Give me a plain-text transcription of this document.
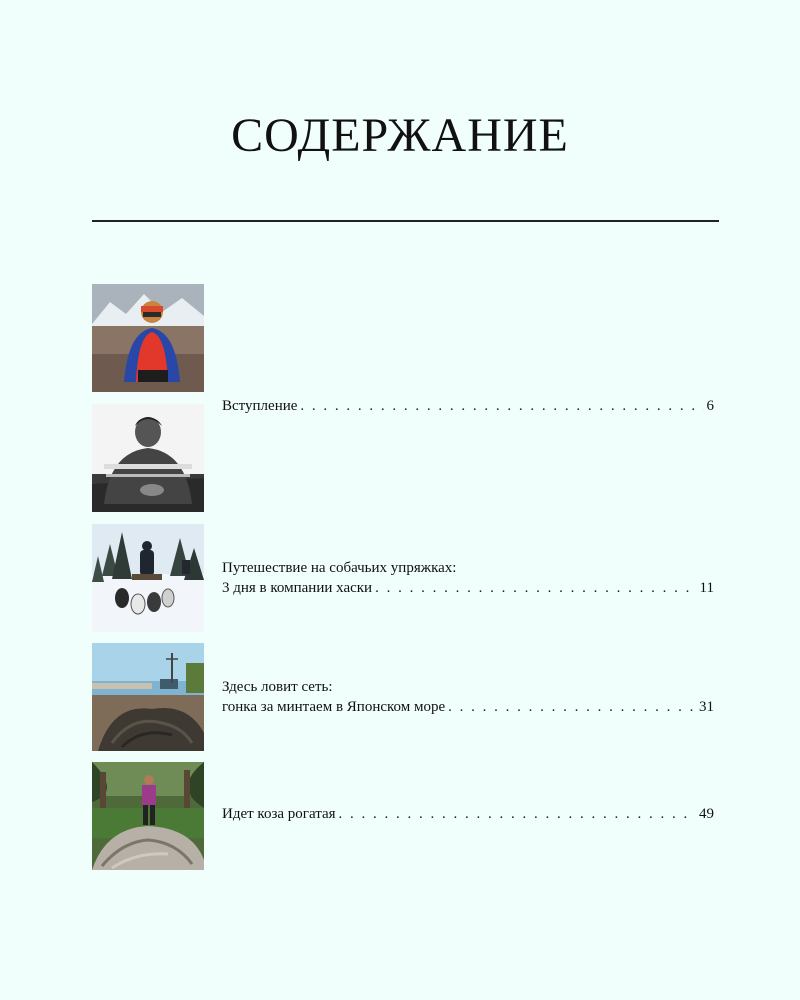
СОДЕРЖАНИЕ
Вступление . . .	6
Путешествие на собачьих упряжках:
3 дня в компании хаски . . .	11
Здесь ловит сеть:
гонка за минтаем в Японском море . . .	31
Идет коза рогатая . . .	49
